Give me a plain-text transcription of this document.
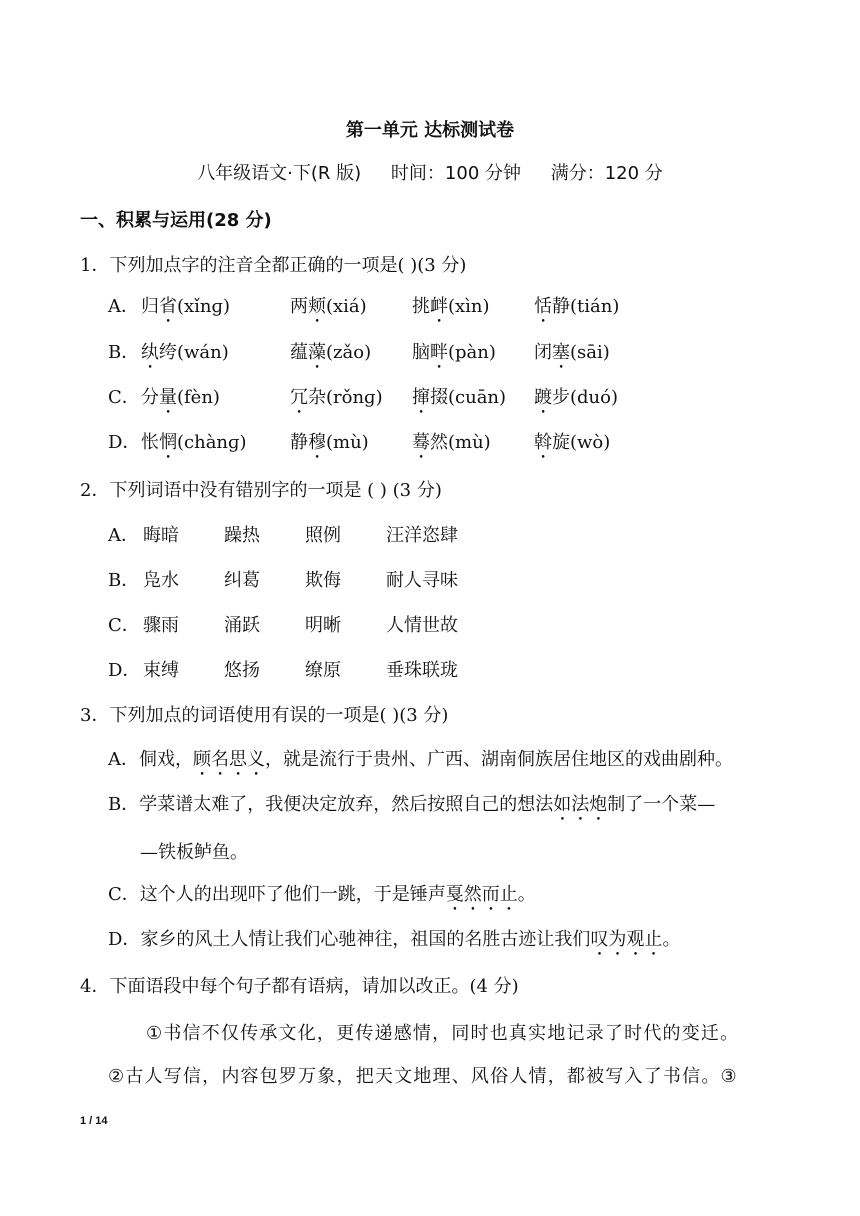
第一单元 达标测试卷
八年级语文·下(R 版) 时间：100 分钟 满分：120 分
一、积累与运用(28 分)
1．下列加点字的注音全都正确的一项是( )(3 分)
A． 归省(xǐnɡ)	两颊(xiá)	挑衅(xìn) 恬静(tián)
B． 纨绔(wán)	蕴藻(zǎo) 脑畔(pàn) 闭塞(sāi)
C． 分量(fèn)	冗杂(rǒnɡ) 撺掇(cuān) 踱步(duó)
D． 怅惘(chànɡ) 静穆(mù) 蓦然(mù) 斡旋(wò)
2．下列词语中没有错别字的一项是 ( ) (3 分)
A． 晦暗	躁热	照例	汪洋恣肆
B． 凫水	纠葛	欺侮	耐人寻味
C． 骤雨	涌跃	明晰	人情世故
D． 束缚	悠扬	缭原	垂珠联珑
3．下列加点的词语使用有误的一项是( )(3 分)
A．侗戏，顾名思义，就是流行于贵州、广西、湖南侗族居住地区的戏曲剧种。
B．学菜谱太难了，我便决定放弃，然后按照自己的想法如法炮制了一个菜—
—铁板鲈鱼。
C．这个人的出现吓了他们一跳，于是锤声戛然而止。
D．家乡的风土人情让我们心驰神往，祖国的名胜古迹让我们叹为观止。
4．下面语段中每个句子都有语病，请加以改正。(4 分)
①书信不仅传承文化，更传递感情，同时也真实地记录了时代的变迁。
②古人写信，内容包罗万象，把天文地理、风俗人情，都被写入了书信。③
1 / 14
